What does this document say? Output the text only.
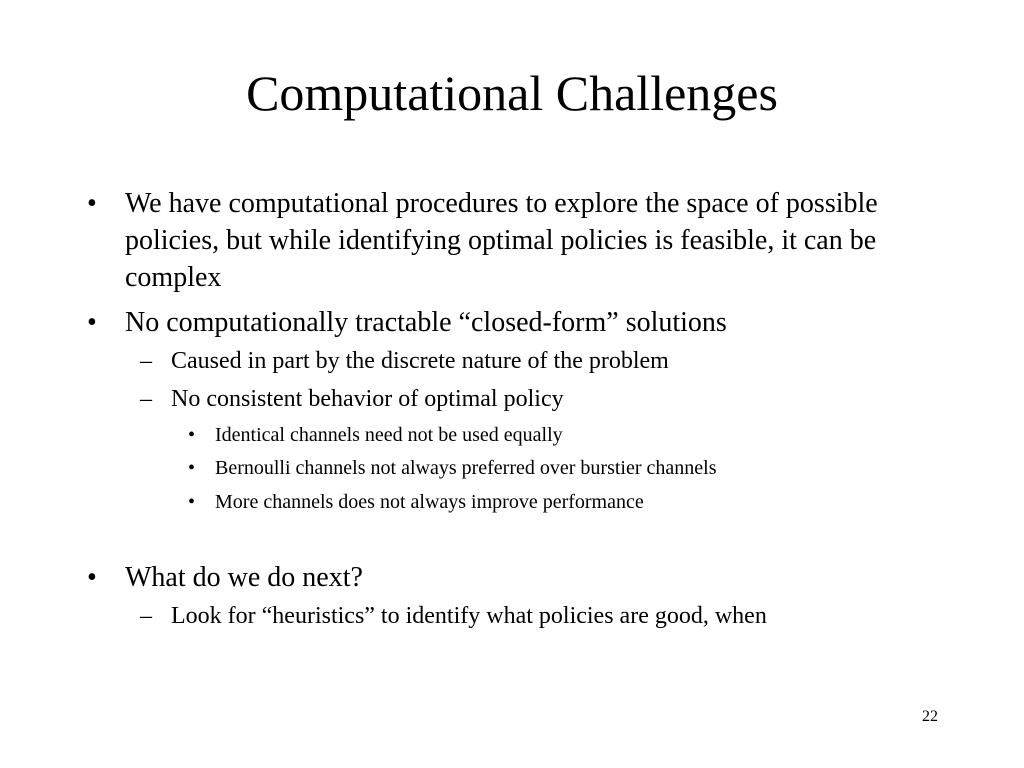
Computational Challenges
• We have computational procedures to explore the space of possible policies, but while identifying optimal policies is feasible, it can be complex
• No computationally tractable “closed-form” solutions
– Caused in part by the discrete nature of the problem
– No consistent behavior of optimal policy
• Identical channels need not be used equally
• Bernoulli channels not always preferred over burstier channels
• More channels does not always improve performance
• What do we do next?
– Look for “heuristics” to identify what policies are good, when
22
